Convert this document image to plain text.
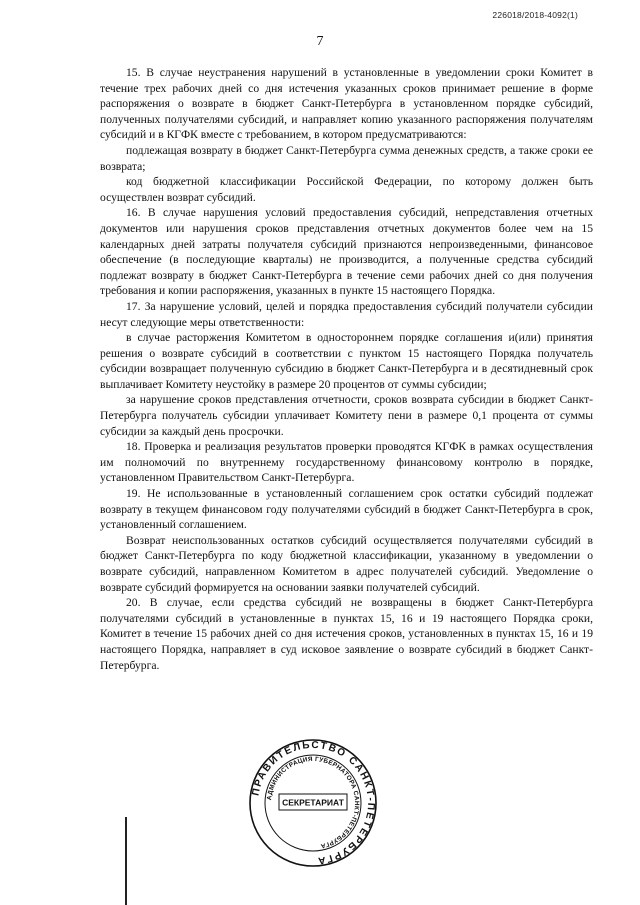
226018/2018-4092(1)
7

15. В случае неустранения нарушений в установленные в уведомлении сроки Комитет в течение трех рабочих дней со дня истечения указанных сроков принимает решение в форме распоряжения о возврате в бюджет Санкт-Петербурга в установленном порядке субсидий, полученных получателями субсидий, и направляет копию указанного распоряжения получателям субсидий и в КГФК вместе с требованием, в котором предусматриваются:

подлежащая возврату в бюджет Санкт-Петербурга сумма денежных средств, а также сроки ее возврата;

код бюджетной классификации Российской Федерации, по которому должен быть осуществлен возврат субсидий.

16. В случае нарушения условий предоставления субсидий, непредставления отчетных документов или нарушения сроков представления отчетных документов более чем на 15 календарных дней затраты получателя субсидий признаются непроизведенными, финансовое обеспечение (в последующие кварталы) не производится, а полученные средства субсидий подлежат возврату в бюджет Санкт-Петербурга в течение семи рабочих дней со дня получения требования и копии распоряжения, указанных в пункте 15 настоящего Порядка.

17. За нарушение условий, целей и порядка предоставления субсидий получатели субсидии несут следующие меры ответственности:

в случае расторжения Комитетом в одностороннем порядке соглашения и(или) принятия решения о возврате субсидий в соответствии с пунктом 15 настоящего Порядка получатель субсидии возвращает полученную субсидию в бюджет Санкт-Петербурга и в десятидневный срок выплачивает Комитету неустойку в размере 20 процентов от суммы субсидии;

за нарушение сроков представления отчетности, сроков возврата субсидии в бюджет Санкт-Петербурга получатель субсидии уплачивает Комитету пени в размере 0,1 процента от суммы субсидии за каждый день просрочки.

18. Проверка и реализация результатов проверки проводятся КГФК в рамках осуществления им полномочий по внутреннему государственному финансовому контролю в порядке, установленном Правительством Санкт-Петербурга.

19. Не использованные в установленный соглашением срок остатки субсидий подлежат возврату в текущем финансовом году получателями субсидий в бюджет Санкт-Петербурга в срок, установленный соглашением.

Возврат неиспользованных остатков субсидий осуществляется получателями субсидий в бюджет Санкт-Петербурга по коду бюджетной классификации, указанному в уведомлении о возврате субсидий, направленном Комитетом в адрес получателей субсидий. Уведомление о возврате субсидий формируется на основании заявки получателей субсидий.

20. В случае, если средства субсидий не возвращены в бюджет Санкт-Петербурга получателями субсидий в установленные в пунктах 15, 16 и 19 настоящего Порядка сроки, Комитет в течение 15 рабочих дней со дня истечения сроков, установленных в пунктах 15, 16 и 19 настоящего Порядка, направляет в суд исковое заявление о возврате субсидий в бюджет Санкт-Петербурга.

ПРАВИТЕЛЬСТВО САНКТ-ПЕТЕРБУРГА
АДМИНИСТРАЦИЯ ГУБЕРНАТОРА САНКТ-ПЕТЕРБУРГА
СЕКРЕТАРИАТ
